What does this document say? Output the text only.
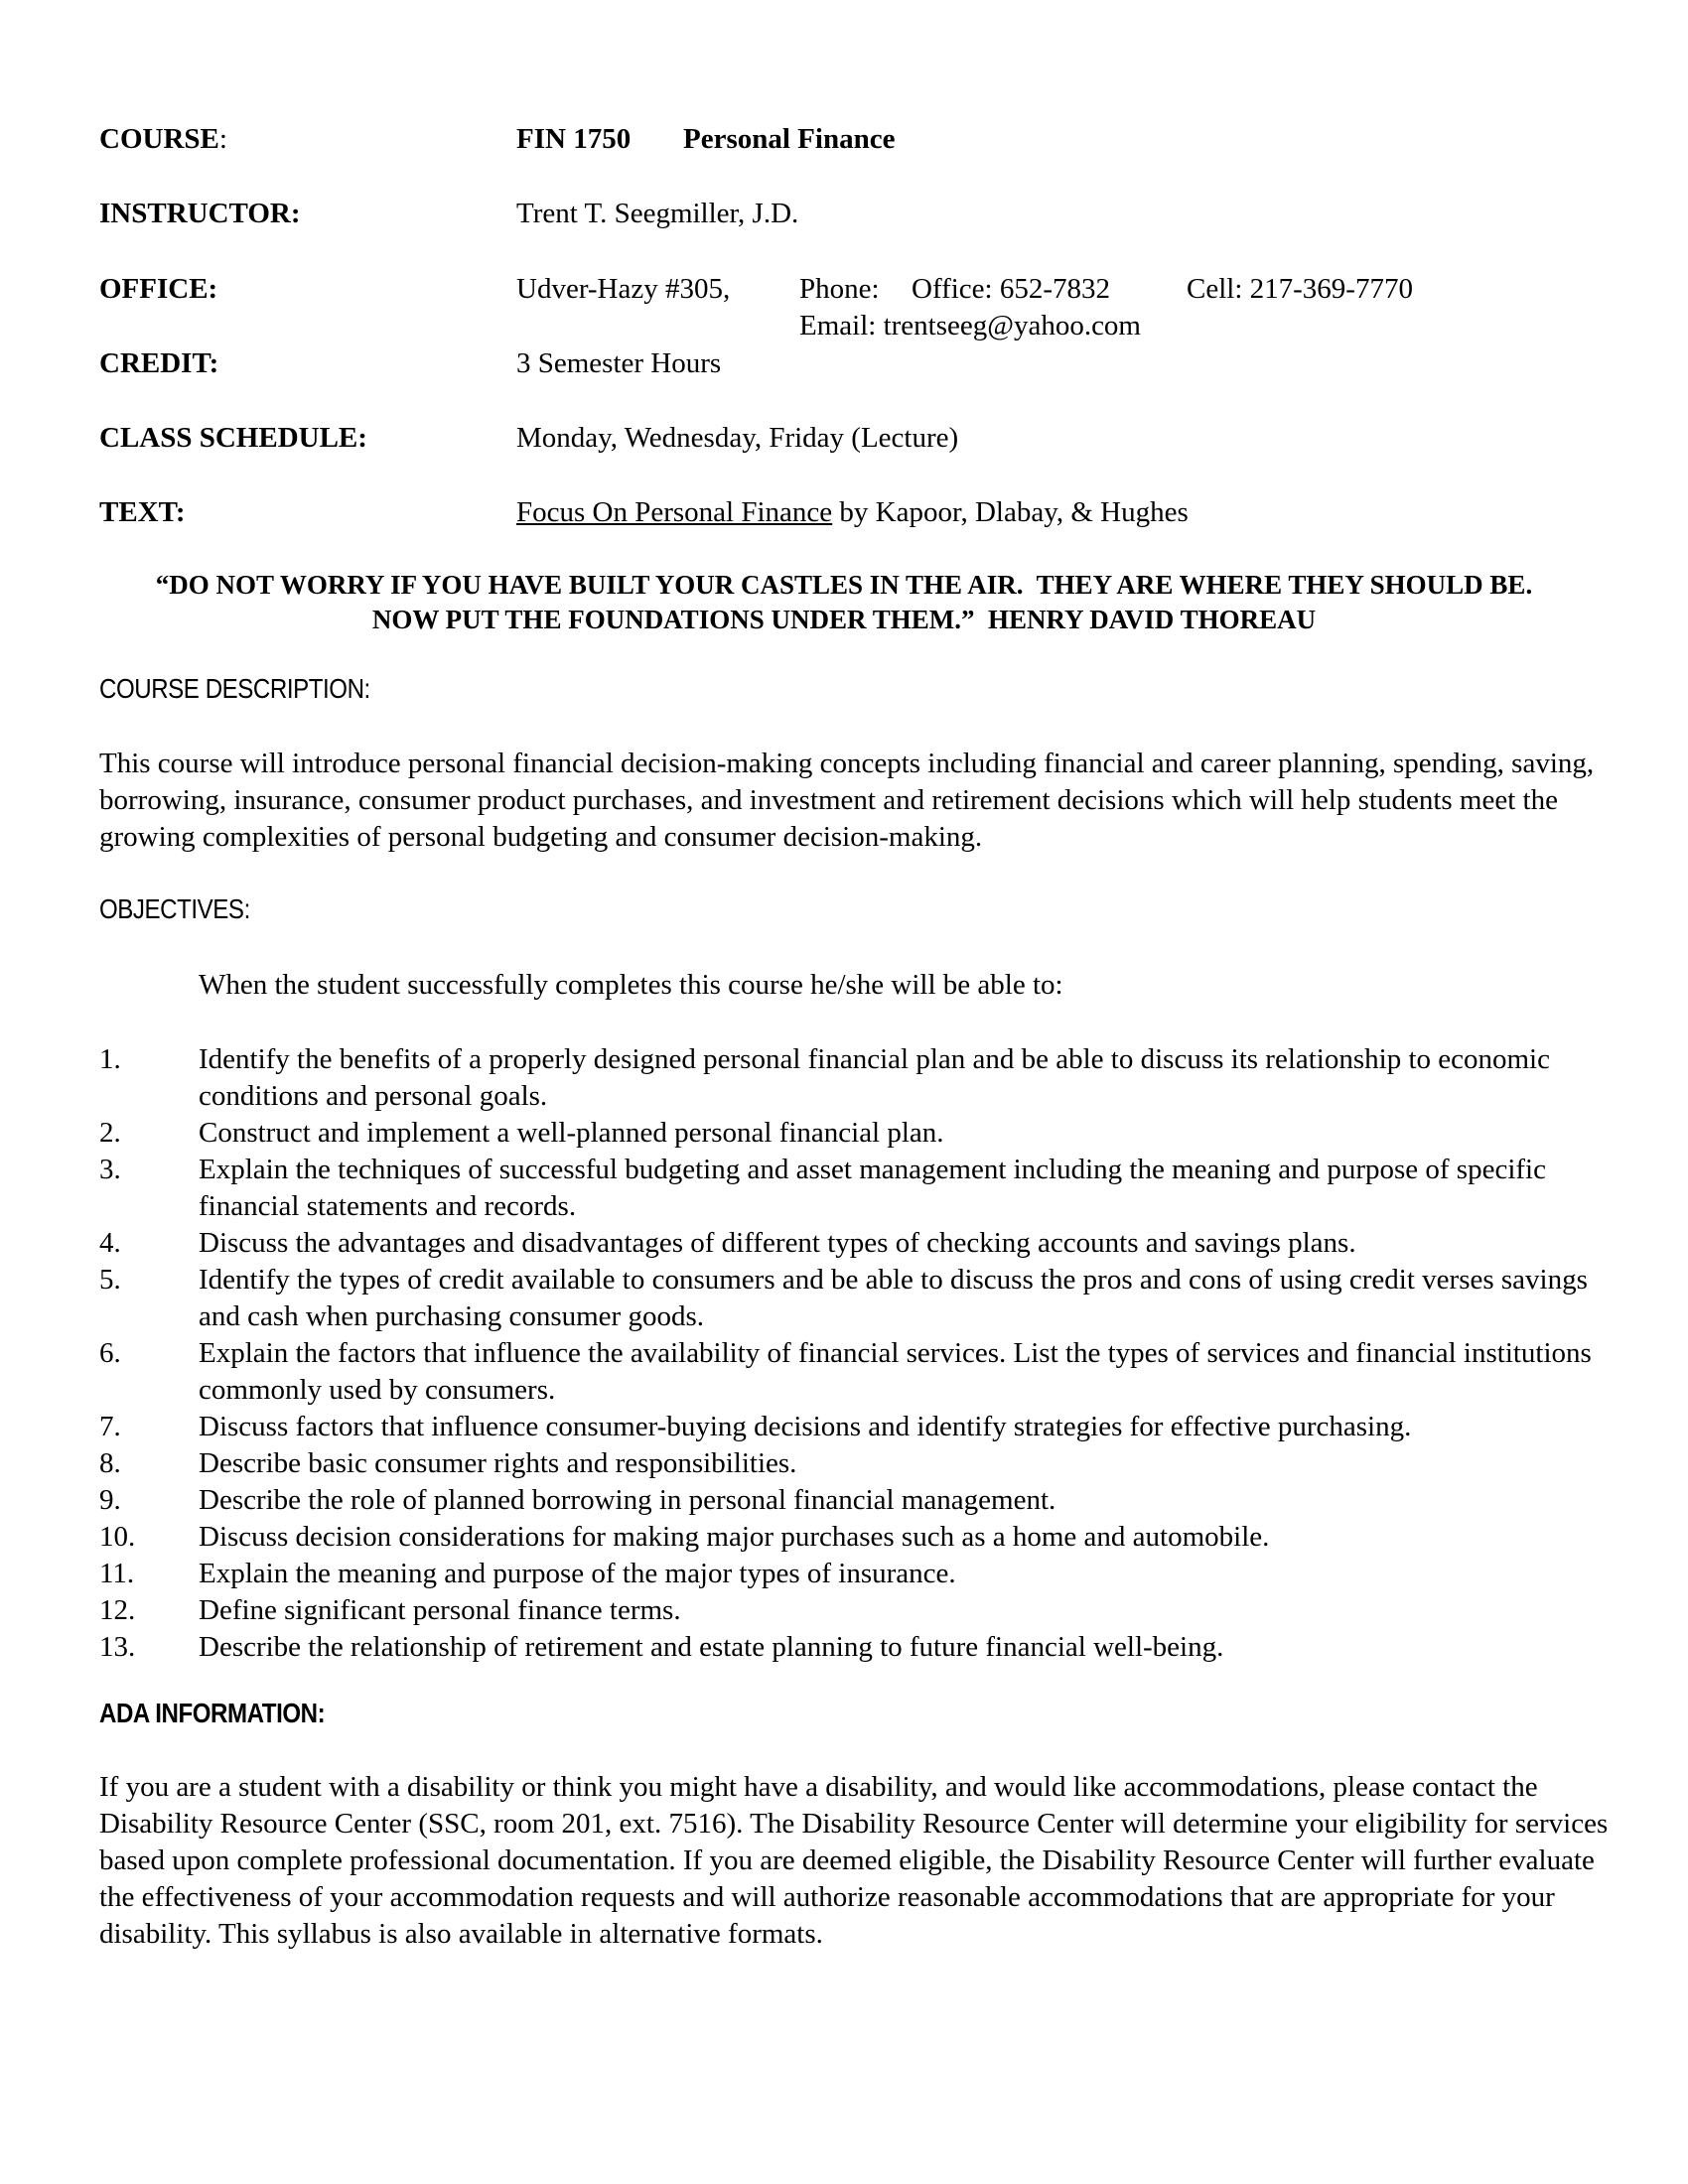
COURSE:	FIN 1750 Personal Finance
INSTRUCTOR:	Trent T. Seegmiller, J.D.
OFFICE:	Udver-Hazy #305, Phone: Office: 652-7832	Cell: 217-369-7770
Email: trentseeg@yahoo.com
CREDIT:	3 Semester Hours
CLASS SCHEDULE:	Monday, Wednesday, Friday (Lecture)
TEXT:	Focus On Personal Finance by Kapoor, Dlabay, & Hughes
“DO NOT WORRY IF YOU HAVE BUILT YOUR CASTLES IN THE AIR.  THEY ARE WHERE THEY SHOULD BE.
NOW PUT THE FOUNDATIONS UNDER THEM.”  HENRY DAVID THOREAU
COURSE DESCRIPTION:
This course will introduce personal financial decision-making concepts including financial and career planning, spending, saving, borrowing, insurance, consumer product purchases, and investment and retirement decisions which will help students meet the growing complexities of personal budgeting and consumer decision-making.
OBJECTIVES:
When the student successfully completes this course he/she will be able to:
1.	Identify the benefits of a properly designed personal financial plan and be able to discuss its relationship to economic conditions and personal goals.
2.	Construct and implement a well-planned personal financial plan.
3.	Explain the techniques of successful budgeting and asset management including the meaning and purpose of specific financial statements and records.
4.	Discuss the advantages and disadvantages of different types of checking accounts and savings plans.
5.	Identify the types of credit available to consumers and be able to discuss the pros and cons of using credit verses savings and cash when purchasing consumer goods.
6.	Explain the factors that influence the availability of financial services. List the types of services and financial institutions commonly used by consumers.
7.	Discuss factors that influence consumer-buying decisions and identify strategies for effective purchasing.
8.	Describe basic consumer rights and responsibilities.
9.	Describe the role of planned borrowing in personal financial management.
10. Discuss decision considerations for making major purchases such as a home and automobile.
11. Explain the meaning and purpose of the major types of insurance.
12. Define significant personal finance terms.
13. Describe the relationship of retirement and estate planning to future financial well-being.
ADA INFORMATION:
If you are a student with a disability or think you might have a disability, and would like accommodations, please contact the Disability Resource Center (SSC, room 201, ext. 7516). The Disability Resource Center will determine your eligibility for services based upon complete professional documentation. If you are deemed eligible, the Disability Resource Center will further evaluate the effectiveness of your accommodation requests and will authorize reasonable accommodations that are appropriate for your disability. This syllabus is also available in alternative formats.
